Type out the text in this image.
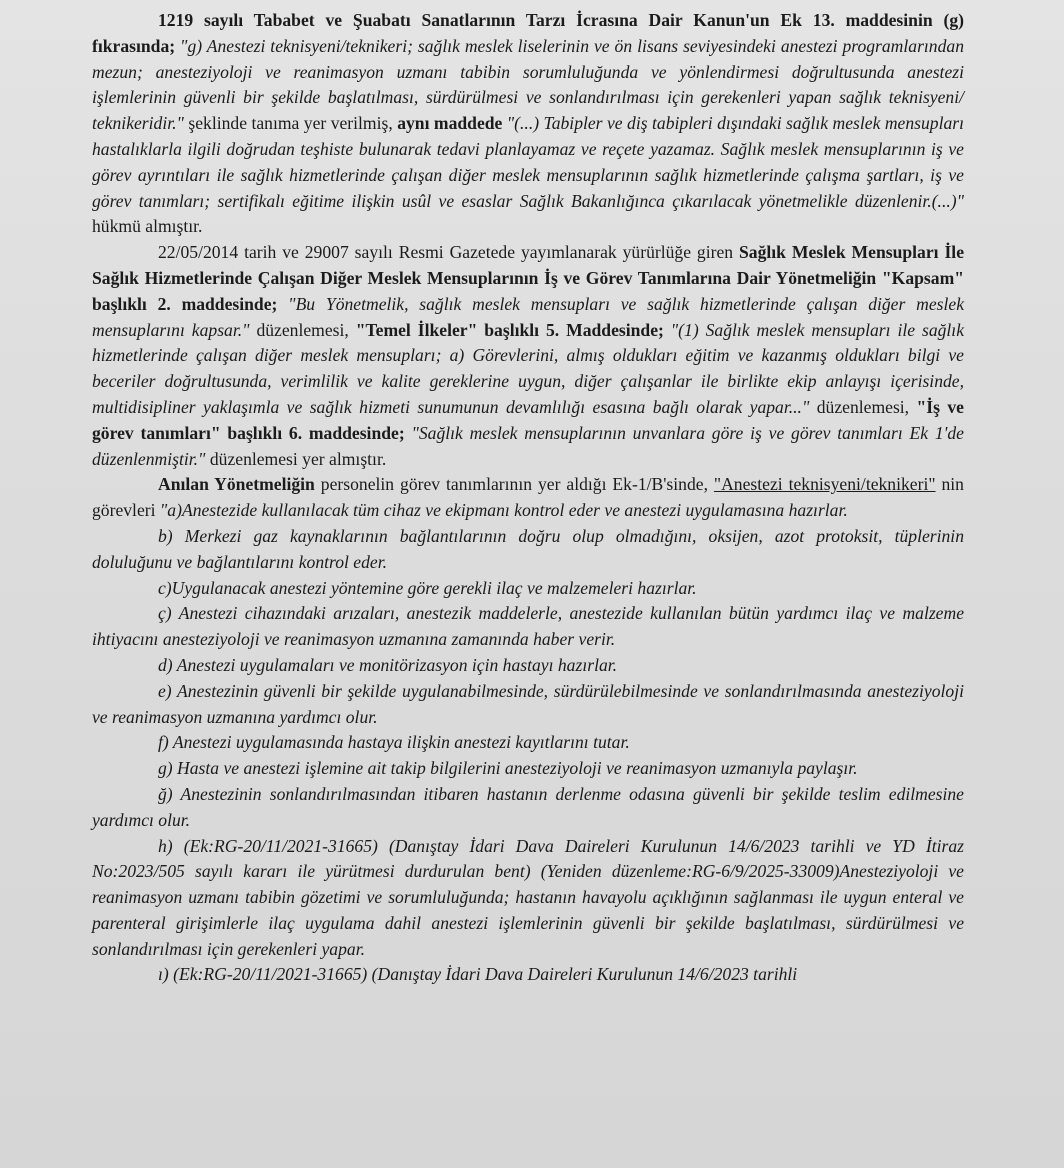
1219 sayılı Tababet ve Şuabatı Sanatlarının Tarzı İcrasına Dair Kanun'un Ek 13. maddesinin (g) fıkrasında; "g) Anestezi teknisyeni/teknikeri; sağlık meslek liselerinin ve ön lisans seviyesindeki anestezi programlarından mezun; anesteziyoloji ve reanimasyon uzmanı tabibin sorumluluğunda ve yönlendirmesi doğrultusunda anestezi işlemlerinin güvenli bir şekilde başlatılması, sürdürülmesi ve sonlandırılması için gerekenleri yapan sağlık teknisyeni/ teknikeridir." şeklinde tanıma yer verilmiş, aynı maddede "(...) Tabipler ve diş tabipleri dışındaki sağlık meslek mensupları hastalıklarla ilgili doğrudan teşhiste bulunarak tedavi planlayamaz ve reçete yazamaz. Sağlık meslek mensuplarının iş ve görev ayrıntıları ile sağlık hizmetlerinde çalışan diğer meslek mensuplarının sağlık hizmetlerinde çalışma şartları, iş ve görev tanımları; sertifikalı eğitime ilişkin usûl ve esaslar Sağlık Bakanlığınca çıkarılacak yönetmelikle düzenlenir.(...)" hükmü almıştır.

22/05/2014 tarih ve 29007 sayılı Resmi Gazetede yayımlanarak yürürlüğe giren Sağlık Meslek Mensupları İle Sağlık Hizmetlerinde Çalışan Diğer Meslek Mensuplarının İş ve Görev Tanımlarına Dair Yönetmeliğin "Kapsam" başlıklı 2. maddesinde; "Bu Yönetmelik, sağlık meslek mensupları ve sağlık hizmetlerinde çalışan diğer meslek mensuplarını kapsar." düzenlemesi, "Temel İlkeler" başlıklı 5. Maddesinde; "(1) Sağlık meslek mensupları ile sağlık hizmetlerinde çalışan diğer meslek mensupları; a) Görevlerini, almış oldukları eğitim ve kazanmış oldukları bilgi ve beceriler doğrultusunda, verimlilik ve kalite gereklerine uygun, diğer çalışanlar ile birlikte ekip anlayışı içerisinde, multidisipliner yaklaşımla ve sağlık hizmeti sunumunun devamlılığı esasına bağlı olarak yapar..." düzenlemesi, "İş ve görev tanımları" başlıklı 6. maddesinde; "Sağlık meslek mensuplarının unvanlara göre iş ve görev tanımları Ek 1'de düzenlenmiştir." düzenlemesi yer almıştır.

Anılan Yönetmeliğin personelin görev tanımlarının yer aldığı Ek-1/B'sinde, "Anestezi teknisyeni/teknikeri" nin görevleri "a)Anestezide kullanılacak tüm cihaz ve ekipmanı kontrol eder ve anestezi uygulamasına hazırlar.

b) Merkezi gaz kaynaklarının bağlantılarının doğru olup olmadığını, oksijen, azot protoksit, tüplerinin doluluğunu ve bağlantılarını kontrol eder.

c)Uygulanacak anestezi yöntemine göre gerekli ilaç ve malzemeleri hazırlar.

ç) Anestezi cihazındaki arızaları, anestezik maddelerle, anestezide kullanılan bütün yardımcı ilaç ve malzeme ihtiyacını anesteziyoloji ve reanimasyon uzmanına zamanında haber verir.

d) Anestezi uygulamaları ve monitörizasyon için hastayı hazırlar.

e) Anestezinin güvenli bir şekilde uygulanabilmesinde, sürdürülebilmesinde ve sonlandırılmasında anesteziyoloji ve reanimasyon uzmanına yardımcı olur.

f) Anestezi uygulamasında hastaya ilişkin anestezi kayıtlarını tutar.

g) Hasta ve anestezi işlemine ait takip bilgilerini anesteziyoloji ve reanimasyon uzmanıyla paylaşır.

ğ) Anestezinin sonlandırılmasından itibaren hastanın derlenme odasına güvenli bir şekilde teslim edilmesine yardımcı olur.

h) (Ek:RG-20/11/2021-31665) (Danıştay İdari Dava Daireleri Kurulunun 14/6/2023 tarihli ve YD İtiraz No:2023/505 sayılı kararı ile yürütmesi durdurulan bent) (Yeniden düzenleme:RG-6/9/2025-33009)Anesteziyoloji ve reanimasyon uzmanı tabibin gözetimi ve sorumluluğunda; hastanın havayolu açıklığının sağlanması ile uygun enteral ve parenteral girişimlerle ilaç uygulama dahil anestezi işlemlerinin güvenli bir şekilde başlatılması, sürdürülmesi ve sonlandırılması için gerekenleri yapar.

ı) (Ek:RG-20/11/2021-31665) (Danıştay İdari Dava Daireleri Kurulunun 14/6/2023 tarihli
